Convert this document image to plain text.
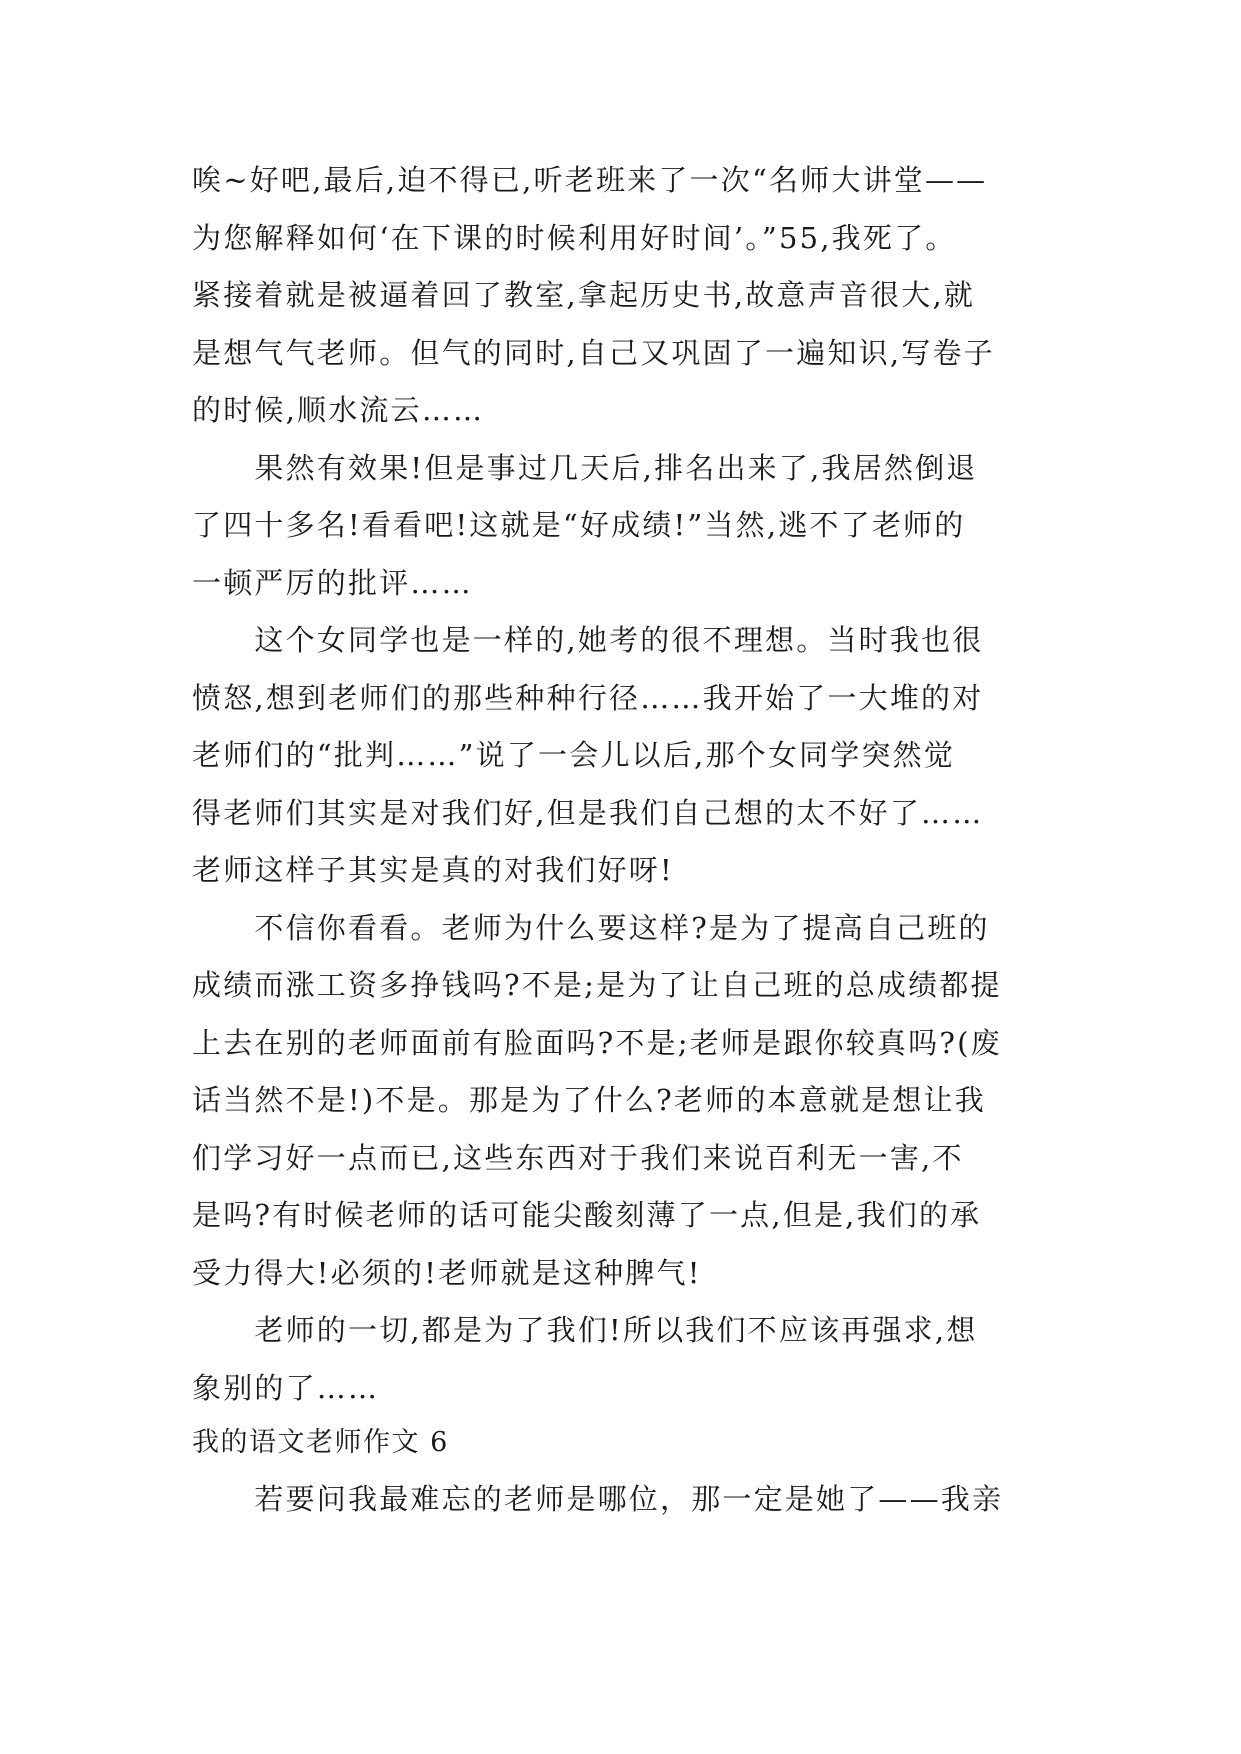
唉~好吧,最后,迫不得已,听老班来了一次“名师大讲堂——
为您解释如何‘在下课的时候利用好时间’。”55,我死了。
紧接着就是被逼着回了教室,拿起历史书,故意声音很大,就
是想气气老师。但气的同时,自己又巩固了一遍知识,写卷子
的时候,顺水流云……
　　果然有效果!但是事过几天后,排名出来了,我居然倒退
了四十多名!看看吧!这就是“好成绩!”当然,逃不了老师的
一顿严厉的批评……
　　这个女同学也是一样的,她考的很不理想。当时我也很
愤怒,想到老师们的那些种种行径……我开始了一大堆的对
老师们的“批判……”说了一会儿以后,那个女同学突然觉
得老师们其实是对我们好,但是我们自己想的太不好了……
老师这样子其实是真的对我们好呀!
　　不信你看看。老师为什么要这样?是为了提高自己班的
成绩而涨工资多挣钱吗?不是;是为了让自己班的总成绩都提
上去在别的老师面前有脸面吗?不是;老师是跟你较真吗?(废
话当然不是!)不是。那是为了什么?老师的本意就是想让我
们学习好一点而已,这些东西对于我们来说百利无一害,不
是吗?有时候老师的话可能尖酸刻薄了一点,但是,我们的承
受力得大!必须的!老师就是这种脾气!
　　老师的一切,都是为了我们!所以我们不应该再强求,想
象别的了……
我的语文老师作文 6
　　若要问我最难忘的老师是哪位，那一定是她了——我亲
